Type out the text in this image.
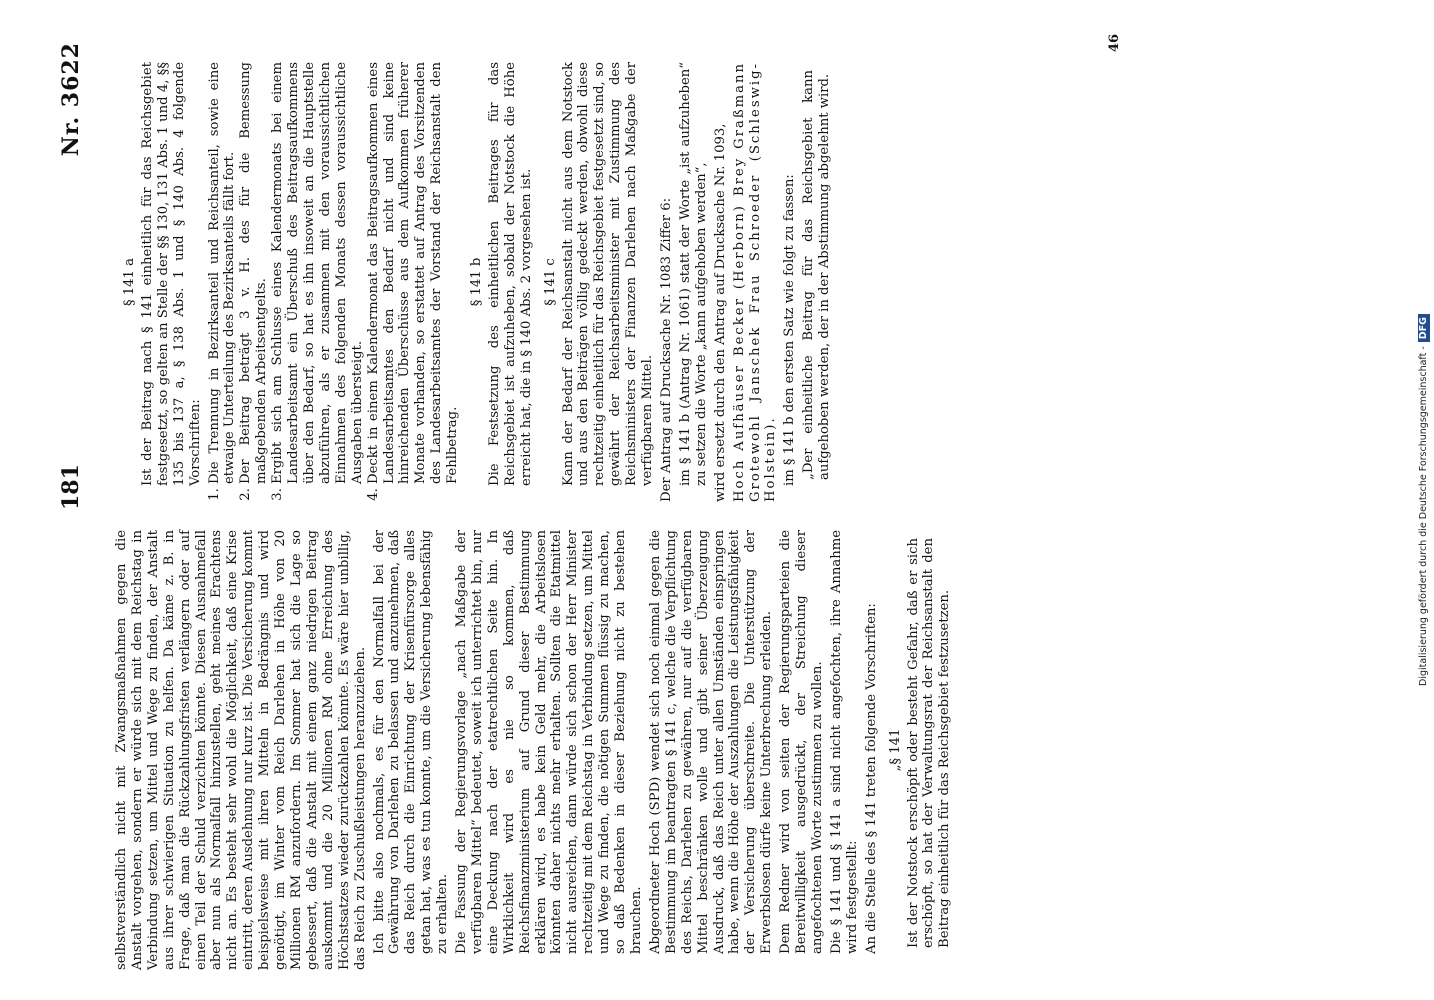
181
Nr. 3622

selbstverständlich nicht mit Zwangsmaßnahmen gegen die Anstalt vorgehen, sondern er würde sich mit dem Reichstag in Verbindung setzen, um Mittel und Wege zu finden, der Anstalt aus ihrer schwierigen Situation zu helfen. Da käme z. B. in Frage, daß man die Rückzahlungsfristen verlängern oder auf einen Teil der Schuld verzichten könnte. Diesen Ausnahmefall aber nun als Normalfall hinzustellen, geht meines Erachtens nicht an. Es besteht sehr wohl die Möglichkeit, daß eine Krise eintritt, deren Ausdehnung nur kurz ist. Die Versicherung kommt beispielsweise mit ihren Mitteln in Bedrängnis und wird genötigt, im Winter vom Reich Darlehen in Höhe von 20 Millionen RM anzufordern. Im Sommer hat sich die Lage so gebessert, daß die Anstalt mit einem ganz niedrigen Beitrag auskommt und die 20 Millionen RM ohne Erreichung des Höchstsatzes wieder zurückzahlen könnte. Es wäre hier unbillig, das Reich zu Zuschußleistungen heranzuziehen. Ich bitte also nochmals, es für den Normalfall bei der Gewährung von Darlehen zu belassen und anzunehmen, daß das Reich durch die Einrichtung der Krisenfürsorge alles getan hat, was es tun konnte, um die Versicherung lebensfähig zu erhalten. Die Fassung der Regierungsvorlage „nach Maßgabe der verfügbaren Mittel“ bedeutet, soweit ich unterrichtet bin, nur eine Deckung nach der etatrechtlichen Seite hin. In Wirklichkeit wird es nie so kommen, daß Reichsfinanzministerium auf Grund dieser Bestimmung erklären wird, es habe kein Geld mehr, die Arbeitslosen könnten daher nichts mehr erhalten. Sollten die Etatmittel nicht ausreichen, dann würde sich schon der Herr Minister rechtzeitig mit dem Reichstag in Verbindung setzen, um Mittel und Wege zu finden, die nötigen Summen flüssig zu machen, so daß Bedenken in dieser Beziehung nicht zu bestehen brauchen. Abgeordneter Hoch (SPD) wendet sich noch einmal gegen die Bestimmung im beantragten § 141 c, welche die Verpflichtung des Reichs, Darlehen zu gewähren, nur auf die verfügbaren Mittel beschränken wolle und gibt seiner Überzeugung Ausdruck, daß das Reich unter allen Umständen einspringen habe, wenn die Höhe der Auszahlungen die Leistungsfähigkeit der Versicherung überschreite. Die Unterstützung der Erwerbslosen dürfe keine Unterbrechung erleiden. Dem Redner wird von seiten der Regierungsparteien die Bereitwilligkeit ausgedrückt, der Streichung dieser angefochtenen Worte zustimmen zu wollen. Die § 141 und § 141 a sind nicht angefochten, ihre Annahme wird festgestellt: An die Stelle des § 141 treten folgende Vorschriften: „§ 141 Ist der Notstock erschöpft oder besteht Gefahr, daß er sich erschöpft, so hat der Verwaltungsrat der Reichsanstalt den Beitrag einheitlich für das Reichsgebiet festzusetzen.

§ 141 a Ist der Beitrag nach § 141 einheitlich für das Reichsgebiet festgesetzt, so gelten an Stelle der §§ 130, 131 Abs. 1 und 4, §§ 135 bis 137 a, § 138 Abs. 1 und § 140 Abs. 4 folgende Vorschriften: 1. Die Trennung in Bezirksanteil und Reichsanteil, sowie eine etwaige Unterteilung des Bezirksanteils fällt fort. 2. Der Beitrag beträgt 3 v. H. des für die Bemessung maßgebenden Arbeitsentgelts. 3. Ergibt sich am Schlusse eines Kalendermonats bei einem Landesarbeitsamt ein Überschuß des Beitragsaufkommens über den Bedarf, so hat es ihn insoweit an die Hauptstelle abzuführen, als er zusammen mit den voraussichtlichen Einnahmen des folgenden Monats dessen voraussichtliche Ausgaben übersteigt. 4. Deckt in einem Kalendermonat das Beitragsaufkommen eines Landesarbeitsamtes den Bedarf nicht und sind keine hinreichenden Überschüsse aus dem Aufkommen früherer Monate vorhanden, so erstattet auf Antrag des Vorsitzenden des Landesarbeitsamtes der Vorstand der Reichsanstalt den Fehlbetrag.

§ 141 b Die Festsetzung des einheitlichen Beitrages für das Reichsgebiet ist aufzuheben, sobald der Notstock die Höhe erreicht hat, die in § 140 Abs. 2 vorgesehen ist. § 141 c Kann der Bedarf der Reichsanstalt nicht aus dem Notstock und aus den Beiträgen völlig gedeckt werden, obwohl diese rechtzeitig einheitlich für das Reichsgebiet festgesetzt sind, so gewährt der Reichsarbeitsminister mit Zustimmung des Reichsministers der Finanzen Darlehen nach Maßgabe der verfügbaren Mittel. Der Antrag auf Drucksache Nr. 1083 Ziffer 6: im § 141 b (Antrag Nr. 1061) statt der Worte „ist aufzuheben“ zu setzen die Worte „kann aufgehoben werden“, wird ersetzt durch den Antrag auf Drucksache Nr. 1093, Hoch Aufhäuser Becker (Herborn) Brey Graßmann Grotewohl Janschek Frau Schroeder (Schleswig-Holstein). im § 141 b den ersten Satz wie folgt zu fassen: „Der einheitliche Beitrag für das Reichsgebiet kann aufgehoben werden, der in der Abstimmung abgelehnt wird.

46
Digitalisierung gefördert durch die Deutsche Forschungsgemeinschaft -DFG
